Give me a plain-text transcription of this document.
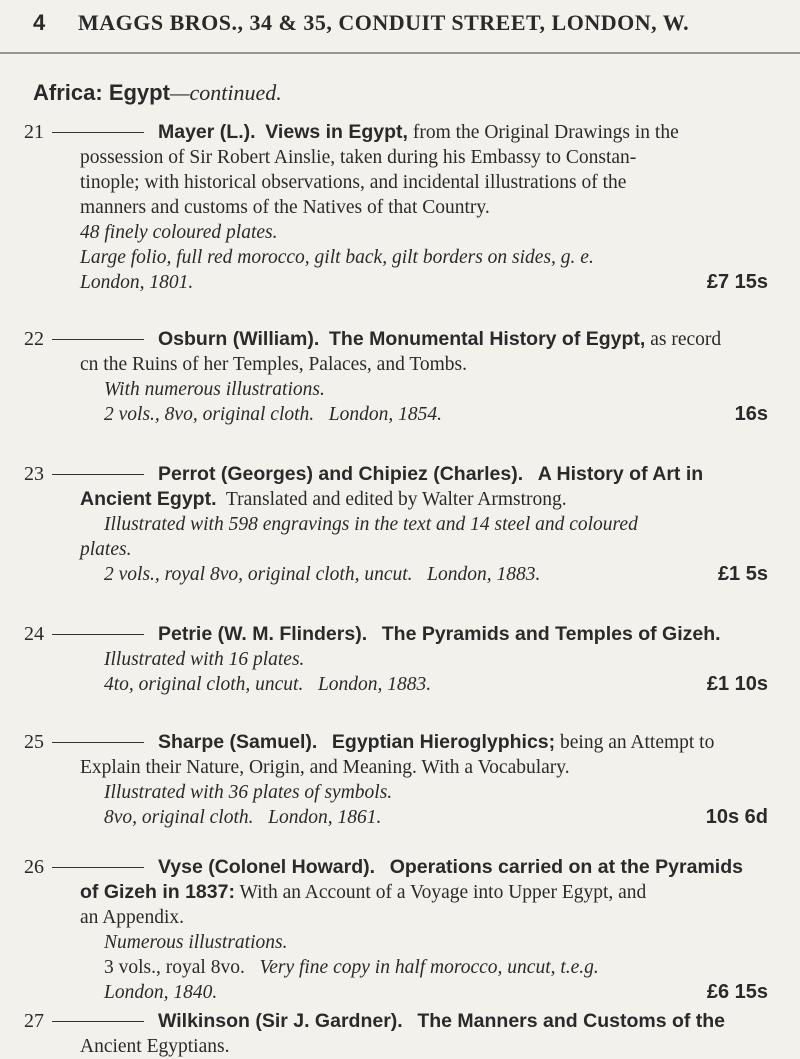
4 MAGGS BROS., 34 & 35, CONDUIT STREET, LONDON, W.
Africa: Egypt—continued.
21	Mayer (L.). Views in Egypt, from the Original Drawings in the
possession of Sir Robert Ainslie, taken during his Embassy to Constan-
tinople; with historical observations, and incidental illustrations of the
manners and customs of the Natives of that Country.
48 finely coloured plates.
Large folio, full red morocco, gilt back, gilt borders on sides, g. e.
London, 1801.	£7 15s
22	Osburn (William). The Monumental History of Egypt, as record
cn the Ruins of her Temples, Palaces, and Tombs.
With numerous illustrations.
2 vols., 8vo, original cloth. London, 1854.	16s
23	Perrot (Georges) and Chipiez (Charles). A History of Art in
Ancient Egypt. Translated and edited by Walter Armstrong.
Illustrated with 598 engravings in the text and 14 steel and coloured
plates.
2 vols., royal 8vo, original cloth, uncut. London, 1883.	£1 5s
24	Petrie (W. M. Flinders). The Pyramids and Temples of Gizeh.
Illustrated with 16 plates.
4to, original cloth, uncut. London, 1883.	£1 10s
25	Sharpe (Samuel). Egyptian Hieroglyphics; being an Attempt to
Explain their Nature, Origin, and Meaning. With a Vocabulary.
Illustrated with 36 plates of symbols.
8vo, original cloth. London, 1861.	10s 6d
26	Vyse (Colonel Howard). Operations carried on at the Pyramids
of Gizeh in 1837: With an Account of a Voyage into Upper Egypt, and
an Appendix.
Numerous illustrations.
3 vols., royal 8vo. Very fine copy in half morocco, uncut, t.e.g.
London, 1840.	£6 15s
27	Wilkinson (Sir J. Gardner). The Manners and Customs of the
Ancient Egyptians.
